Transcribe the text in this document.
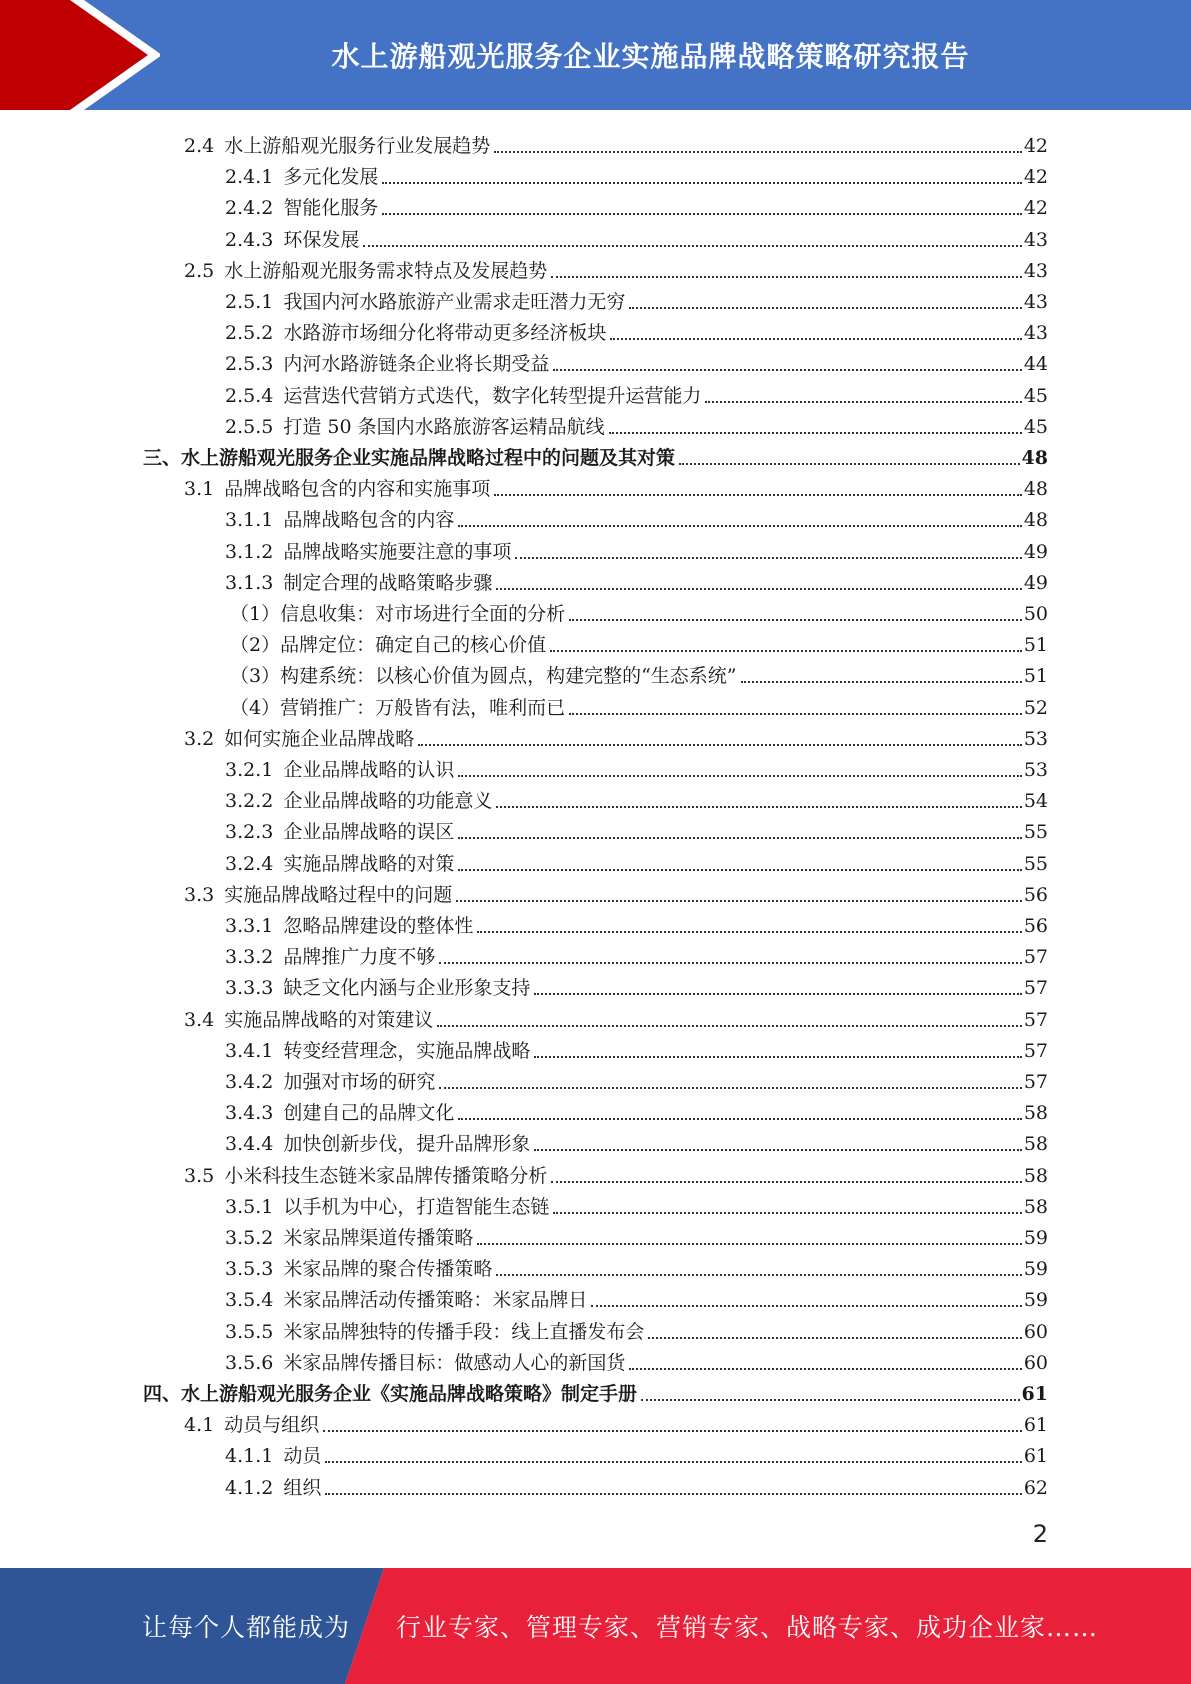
水上游船观光服务企业实施品牌战略策略研究报告
2.4 水上游船观光服务行业发展趋势	42
2.4.1 多元化发展	42
2.4.2 智能化服务	42
2.4.3 环保发展	43
2.5 水上游船观光服务需求特点及发展趋势	43
2.5.1 我国内河水路旅游产业需求走旺潜力无穷	43
2.5.2 水路游市场细分化将带动更多经济板块	43
2.5.3 内河水路游链条企业将长期受益	44
2.5.4 运营迭代营销方式迭代，数字化转型提升运营能力	45
2.5.5 打造 50 条国内水路旅游客运精品航线	45
三、水上游船观光服务企业实施品牌战略过程中的问题及其对策	48
3.1 品牌战略包含的内容和实施事项	48
3.1.1 品牌战略包含的内容	48
3.1.2 品牌战略实施要注意的事项	49
3.1.3 制定合理的战略策略步骤	49
（1）信息收集：对市场进行全面的分析	50
（2）品牌定位：确定自己的核心价值	51
（3）构建系统：以核心价值为圆点，构建完整的“生态系统”	51
（4）营销推广：万般皆有法，唯利而已	52
3.2 如何实施企业品牌战略	53
3.2.1 企业品牌战略的认识	53
3.2.2 企业品牌战略的功能意义	54
3.2.3 企业品牌战略的误区	55
3.2.4 实施品牌战略的对策	55
3.3 实施品牌战略过程中的问题	56
3.3.1 忽略品牌建设的整体性	56
3.3.2 品牌推广力度不够	57
3.3.3 缺乏文化内涵与企业形象支持	57
3.4 实施品牌战略的对策建议	57
3.4.1 转变经营理念，实施品牌战略	57
3.4.2 加强对市场的研究	57
3.4.3 创建自己的品牌文化	58
3.4.4 加快创新步伐，提升品牌形象	58
3.5 小米科技生态链米家品牌传播策略分析	58
3.5.1 以手机为中心，打造智能生态链	58
3.5.2 米家品牌渠道传播策略	59
3.5.3 米家品牌的聚合传播策略	59
3.5.4 米家品牌活动传播策略：米家品牌日	59
3.5.5 米家品牌独特的传播手段：线上直播发布会	60
3.5.6 米家品牌传播目标：做感动人心的新国货	60
四、水上游船观光服务企业《实施品牌战略策略》制定手册	61
4.1 动员与组织	61
4.1.1 动员	61
4.1.2 组织	62
2
让每个人都能成为 行业专家、管理专家、营销专家、战略专家、成功企业家……
